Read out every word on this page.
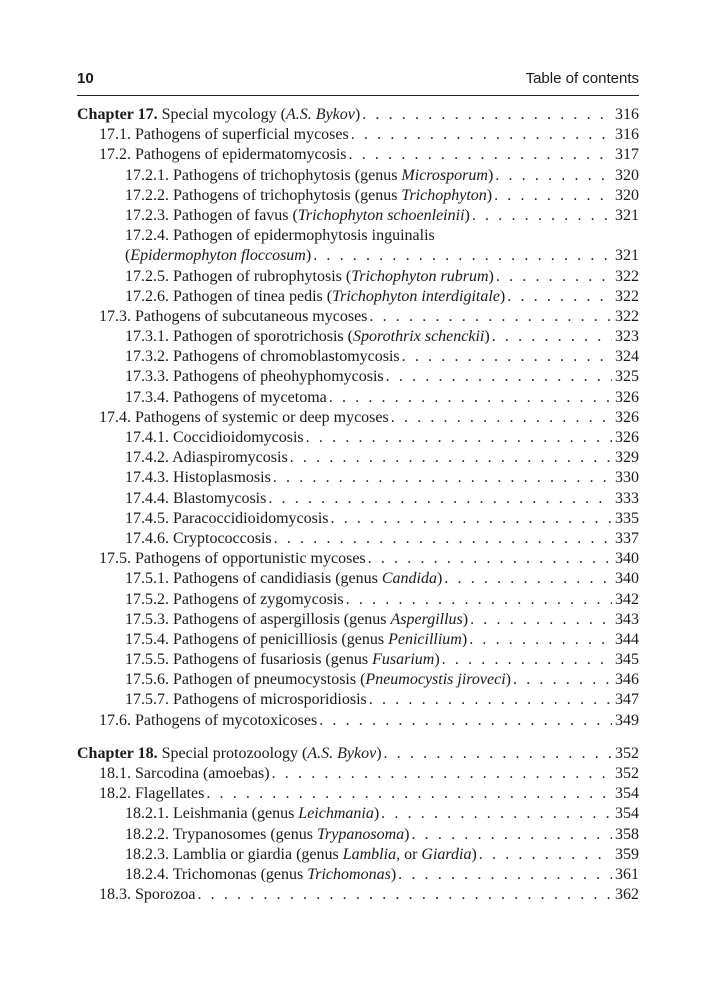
10	Table of contents
Chapter 17. Special mycology (A.S. Bykov) . . .	316
17.1. Pathogens of superficial mycoses . . .	316
17.2. Pathogens of epidermatomycosis . . .	317
17.2.1. Pathogens of trichophytosis (genus Microsporum) . . .	320
17.2.2. Pathogens of trichophytosis (genus Trichophyton) . . .	320
17.2.3. Pathogen of favus (Trichophyton schoenleinii) . . .	321
17.2.4. Pathogen of epidermophytosis inguinalis
(Epidermophyton floccosum) . . .	321
17.2.5. Pathogen of rubrophytosis (Trichophyton rubrum) . . .	322
17.2.6. Pathogen of tinea pedis (Trichophyton interdigitale) . . .	322
17.3. Pathogens of subcutaneous mycoses . . .	322
17.3.1. Pathogen of sporotrichosis (Sporothrix schenckii) . . .	323
17.3.2. Pathogens of chromoblastomycosis . . .	324
17.3.3. Pathogens of pheohyphomycosis . . .	325
17.3.4. Pathogens of mycetoma . . .	326
17.4. Pathogens of systemic or deep mycoses . . .	326
17.4.1. Coccidioidomycosis . . .	326
17.4.2. Adiaspiromycosis . . .	329
17.4.3. Histoplasmosis . . .	330
17.4.4. Blastomycosis . . .	333
17.4.5. Paracoccidioidomycosis . . .	335
17.4.6. Cryptococcosis . . .	337
17.5. Pathogens of opportunistic mycoses . . .	340
17.5.1. Pathogens of candidiasis (genus Candida) . . .	340
17.5.2. Pathogens of zygomycosis . . .	342
17.5.3. Pathogens of aspergillosis (genus Aspergillus) . . .	343
17.5.4. Pathogens of penicilliosis (genus Penicillium) . . .	344
17.5.5. Pathogens of fusariosis (genus Fusarium) . . .	345
17.5.6. Pathogen of pneumocystosis (Pneumocystis jiroveci) . . .	346
17.5.7. Pathogens of microsporidiosis . . .	347
17.6. Pathogens of mycotoxicoses . . .	349
Chapter 18. Special protozoology (A.S. Bykov) . . .	352
18.1. Sarcodina (amoebas) . . .	352
18.2. Flagellates . . .	354
18.2.1. Leishmania (genus Leichmania) . . .	354
18.2.2. Trypanosomes (genus Trypanosoma) . . .	358
18.2.3. Lamblia or giardia (genus Lamblia, or Giardia) . . .	359
18.2.4. Trichomonas (genus Trichomonas) . . .	361
18.3. Sporozoa . . .	362
